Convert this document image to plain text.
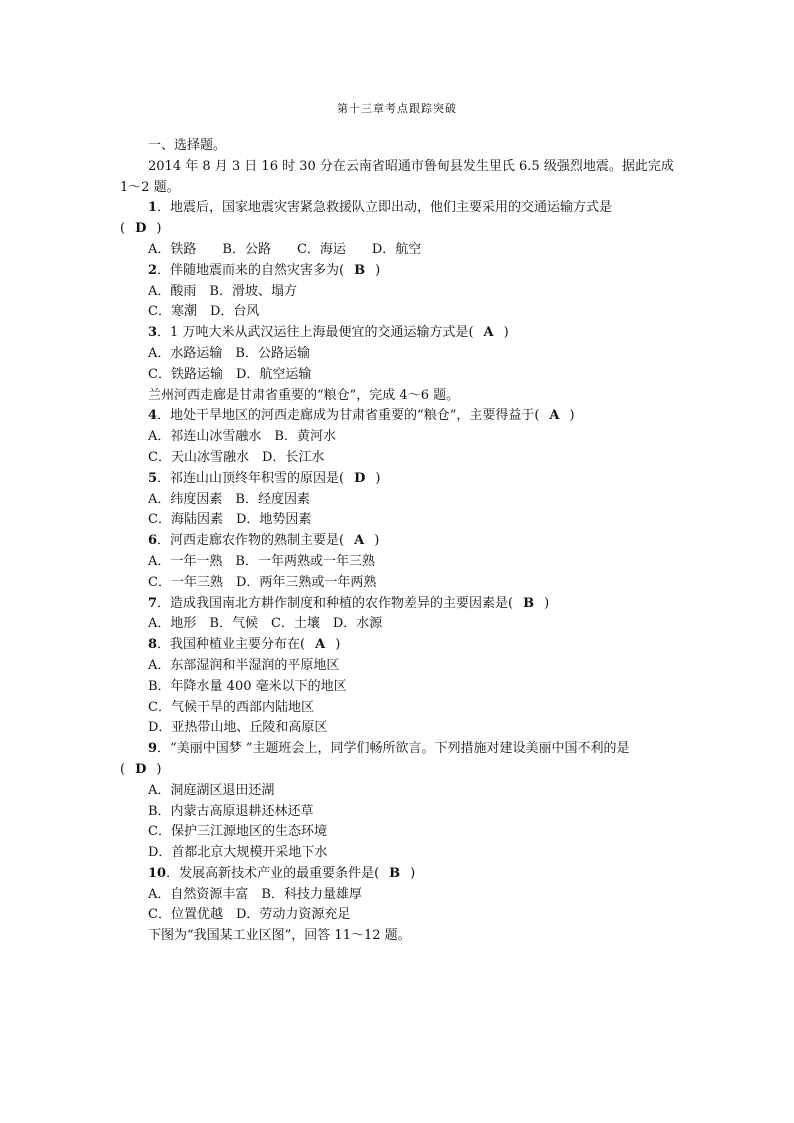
第十三章考点跟踪突破
一、选择题。
2014 年 8 月 3 日 16 时 30 分在云南省昭通市鲁甸县发生里氏 6.5 级强烈地震。据此完成
1～2 题。
1．地震后，国家地震灾害紧急救援队立即出动，他们主要采用的交通运输方式是
( D )
A．铁路　　B．公路　　C．海运　　D．航空
2．伴随地震而来的自然灾害多为( B )
A．酸雨　B．滑坡、塌方
C．寒潮　D．台风
3．1 万吨大米从武汉运往上海最便宜的交通运输方式是( A )
A．水路运输　B．公路运输
C．铁路运输　D．航空运输
兰州河西走廊是甘肃省重要的“粮仓”，完成 4～6 题。
4．地处干旱地区的河西走廊成为甘肃省重要的“粮仓”，主要得益于( A )
A．祁连山冰雪融水　B．黄河水
C．天山冰雪融水　D．长江水
5．祁连山山顶终年积雪的原因是( D )
A．纬度因素　B．经度因素
C．海陆因素　D．地势因素
6．河西走廊农作物的熟制主要是( A )
A．一年一熟　B．一年两熟或一年三熟
C．一年三熟　D．两年三熟或一年两熟
7．造成我国南北方耕作制度和种植的农作物差异的主要因素是( B )
A．地形　B．气候　C．土壤　D．水源
8．我国种植业主要分布在( A )
A．东部湿润和半湿润的平原地区
B．年降水量 400 毫米以下的地区
C．气候干旱的西部内陆地区
D．亚热带山地、丘陵和高原区
9．“美丽中国梦 ”主题班会上，同学们畅所欲言。下列措施对建设美丽中国不利的是
( D )
A．洞庭湖区退田还湖
B．内蒙古高原退耕还林还草
C．保护三江源地区的生态环境
D．首都北京大规模开采地下水
10．发展高新技术产业的最重要条件是( B )
A．自然资源丰富　B．科技力量雄厚
C．位置优越　D．劳动力资源充足
下图为“我国某工业区图”，回答 11～12 题。
